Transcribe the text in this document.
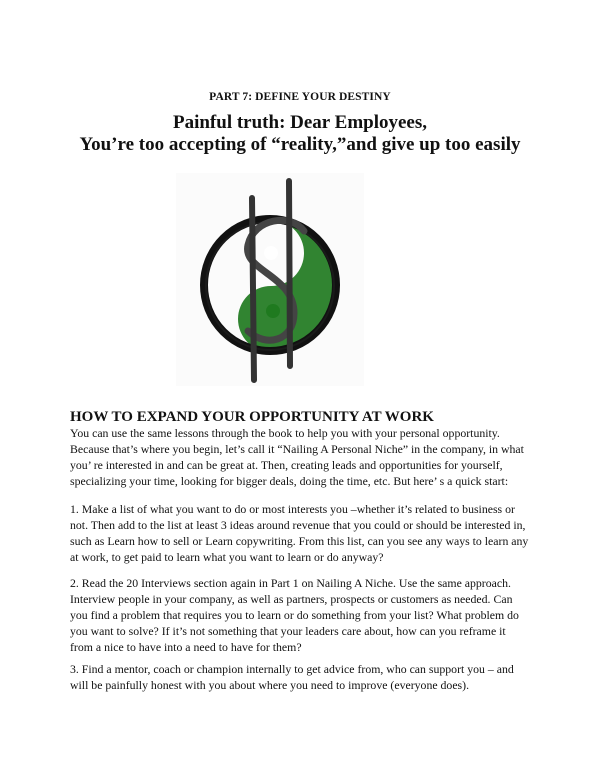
PART 7: DEFINE YOUR DESTINY
Painful truth: Dear Employees,
You’re too accepting of “reality,”and give up too easily
HOW TO EXPAND YOUR OPPORTUNITY AT WORK
You can use the same lessons through the book to help you with your personal opportunity.
Because that’s where you begin, let’s call it “Nailing A Personal Niche” in the company, in what
you’ re interested in and can be great at. Then, creating leads and opportunities for yourself,
specializing your time, looking for bigger deals, doing the time, etc. But here’ s a quick start:
1. Make a list of what you want to do or most interests you –whether it’s related to business or
not. Then add to the list at least 3 ideas around revenue that you could or should be interested in,
such as Learn how to sell or Learn copywriting. From this list, can you see any ways to learn any
at work, to get paid to learn what you want to learn or do anyway?
2. Read the 20 Interviews section again in Part 1 on Nailing A Niche. Use the same approach.
Interview people in your company, as well as partners, prospects or customers as needed. Can
you find a problem that requires you to learn or do something from your list? What problem do
you want to solve? If it’s not something that your leaders care about, how can you reframe it
from a nice to have into a need to have for them?
3. Find a mentor, coach or champion internally to get advice from, who can support you – and
will be painfully honest with you about where you need to improve (everyone does).
